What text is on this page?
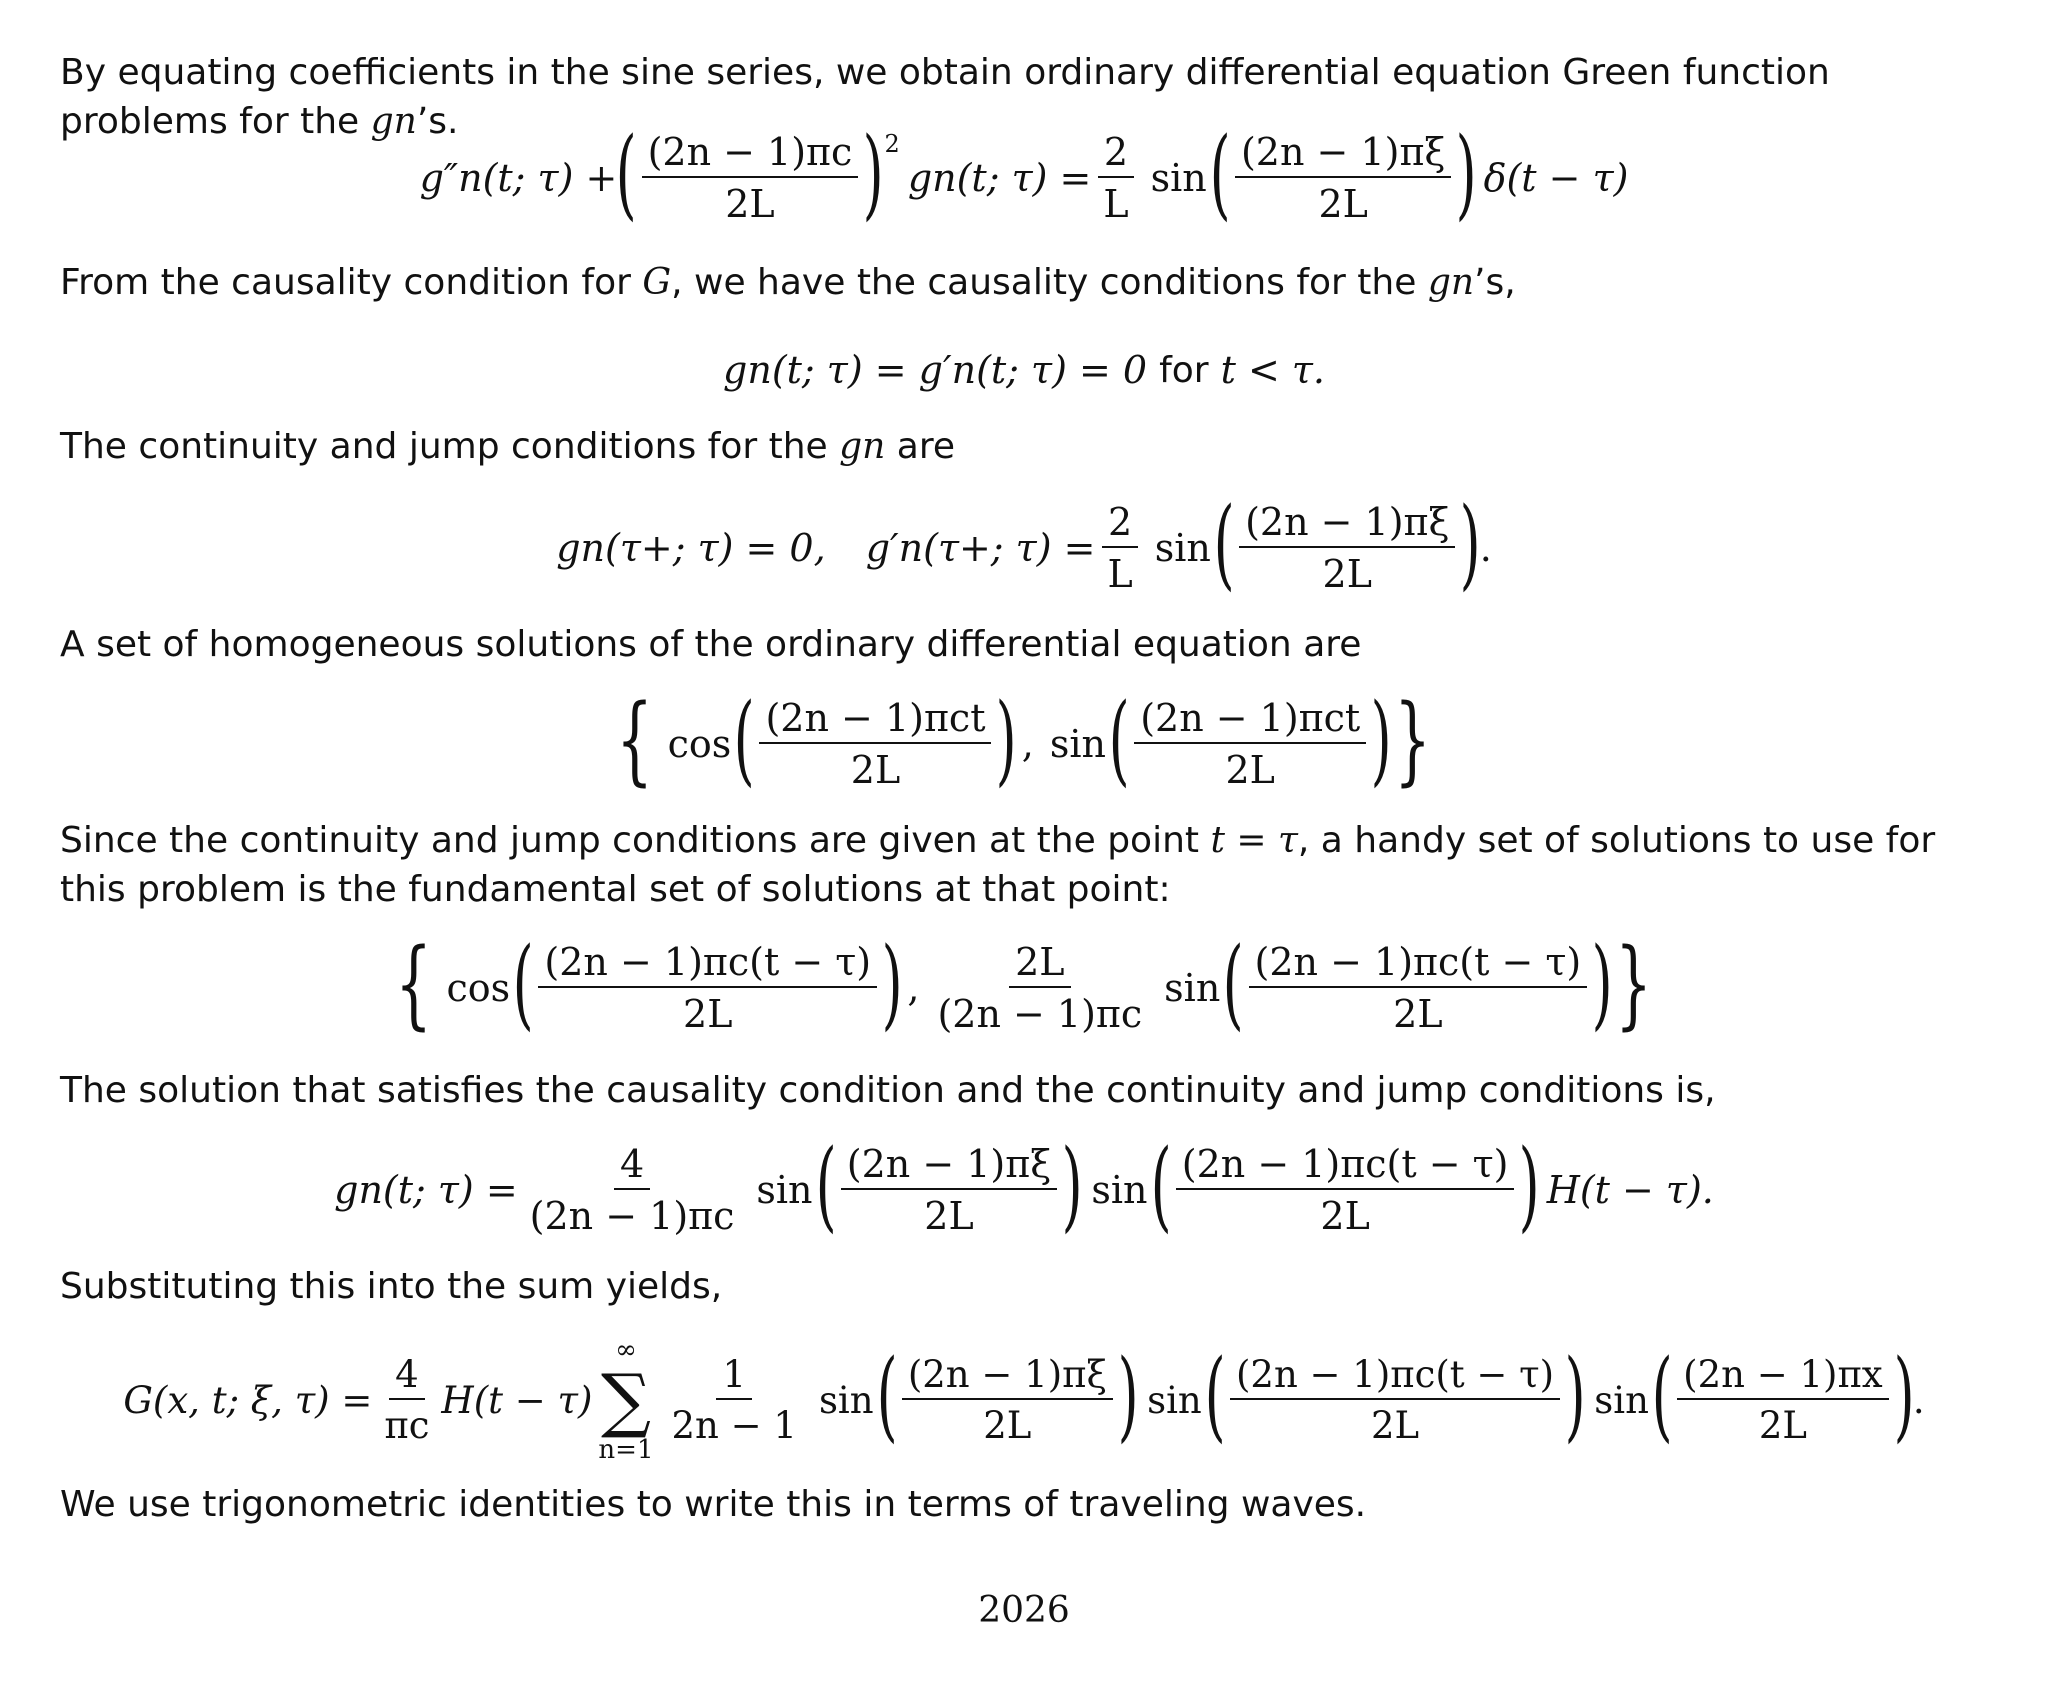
By equating coefficients in the sine series, we obtain ordinary differential equation Green function problems for the gn’s.

g″n(t; τ) +
( $\frac{(2n - 1)\pi c}{2L}$ ) 2
gn(t; $\tau) = \frac{2}{L}$ sin ( $\frac{(2n - 1)\pi\xi}{2L}$ ) δ(t − τ)

From the causality condition for G, we have the causality conditions for the gn’s,

gn(t; τ) = g′n(t; τ) = 0 for t < τ.

The continuity and jump conditions for the gn are

gn(τ+; τ) = 0, g′n(τ+; $\tau) = \frac{2}{L}$ sin ( $\frac{(2n - 1)\pi\xi}{2L}$ )
.

A set of homogeneous solutions of the ordinary differential equation are

{ cos ( $\frac{\text{(2n − 1)πct}}{2L}$ ) , sin ( $\frac{\text{(2n − 1)πct}}{2L}$ ) }

Since the continuity and jump conditions are given at the point t = τ, a handy set of solutions to use for this problem is the fundamental set of solutions at that point:

{ cos ( $\frac{(2n - 1)\pi c(t - \tau)}{2L}$ ) , $\frac{2L}{(2n - 1)\pi c}$ sin ( $\frac{(2n - 1)\pi c(t - \tau)}{2L}$ ) }

The solution that satisfies the causality condition and the continuity and jump conditions is,

gn(t; $\tau) = \frac{4}{(2n - 1)\pi c}$ sin ( $\frac{(2n - 1)\pi\xi}{2L}$ ) sin ( $\frac{(2n - 1)\pi c(t - \tau)}{2L}$ ) H(t − τ).

Substituting this into the sum yields,

G(x, t; ξ, $\tau) = \frac{4}{\pi c} H(t - \tau)$
∞
∑
n=1
$\frac{1}{2n - 1}$ sin ( $\frac{(2n - 1)\pi\xi}{2L}$ ) sin ( $\frac{(2n - 1)\pi c(t - \tau)}{2L}$ ) sin ( $\frac{(2n - 1)\pi x}{2L}$ )
.

We use trigonometric identities to write this in terms of traveling waves.

2026
